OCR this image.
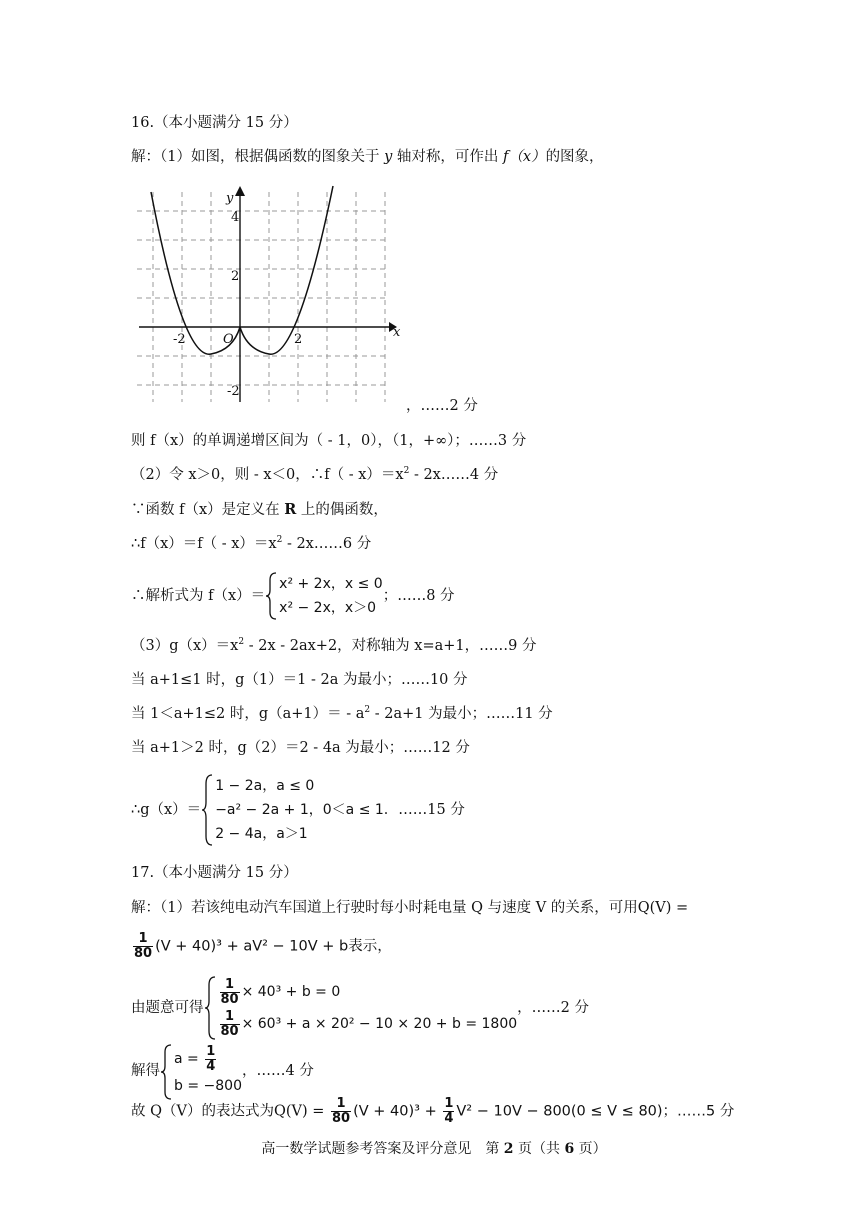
16.（本小题满分 15 分）
解：（1）如图，根据偶函数的图象关于 y 轴对称，可作出 f（x）的图象，
y
x
O
4
2
-2
-2	2
，……2 分
则 f（x）的单调递增区间为（ - 1，0），（1，+∞）；……3 分
（2）令 x＞0，则 - x＜0，∴f（ - $x)=x^2$ - 2x……4 分
∵函数 f（x）是定义在 R 上的偶函数，
∴f（x）＝f（ - $x)=x^2$ - 2x……6 分
∴解析式为 f（x）＝
x² + 2x，x ≤ 0
x² − 2x，x＞0
；……8 分
$(3)g(x)=x^2 - 2x - 2ax+2$，对称轴为 x=a+1，……9 分
当 a+1≤1 时，g（1）＝1 - 2a 为最小；……10 分
当 1＜a+1≤2 时，$g(a+1)= - a^2 - 2a+1$ 为最小；……11 分
当 a+1＞2 时，g（2）＝2 - 4a 为最小；……12 分
∴g（x）＝
1 − 2a，a ≤ 0
−a² − 2a + 1，0＜a ≤ 1
2 − 4a，a＞1
．……15 分
17.（本小题满分 15 分）
解：（1）若该纯电动汽车国道上行驶时每小时耗电量 Q 与速度 V 的关系，可用Q(V) =
$\frac{1}{80} (V + 40)^3 + aV^2 - 10V + b$表示，
由题意可得
$\frac{1}{80} \times 40^3 + b = 0$
$\frac{1}{80} \times 60^3 + a \times 20^2 - 10 \times 20 + b = 1800$
，……2 分
解得
$a = \frac{1}{4}$
b = −800
，……4 分
故 Q（V）的表达式为$Q(V) = \frac{1}{80} (V + 40)^3 + \frac{1}{4} V^2 - 10V - 800(0 \le V \le 80)$；……5 分
高一数学试题参考答案及评分意见　第 2 页（共 6 页）
